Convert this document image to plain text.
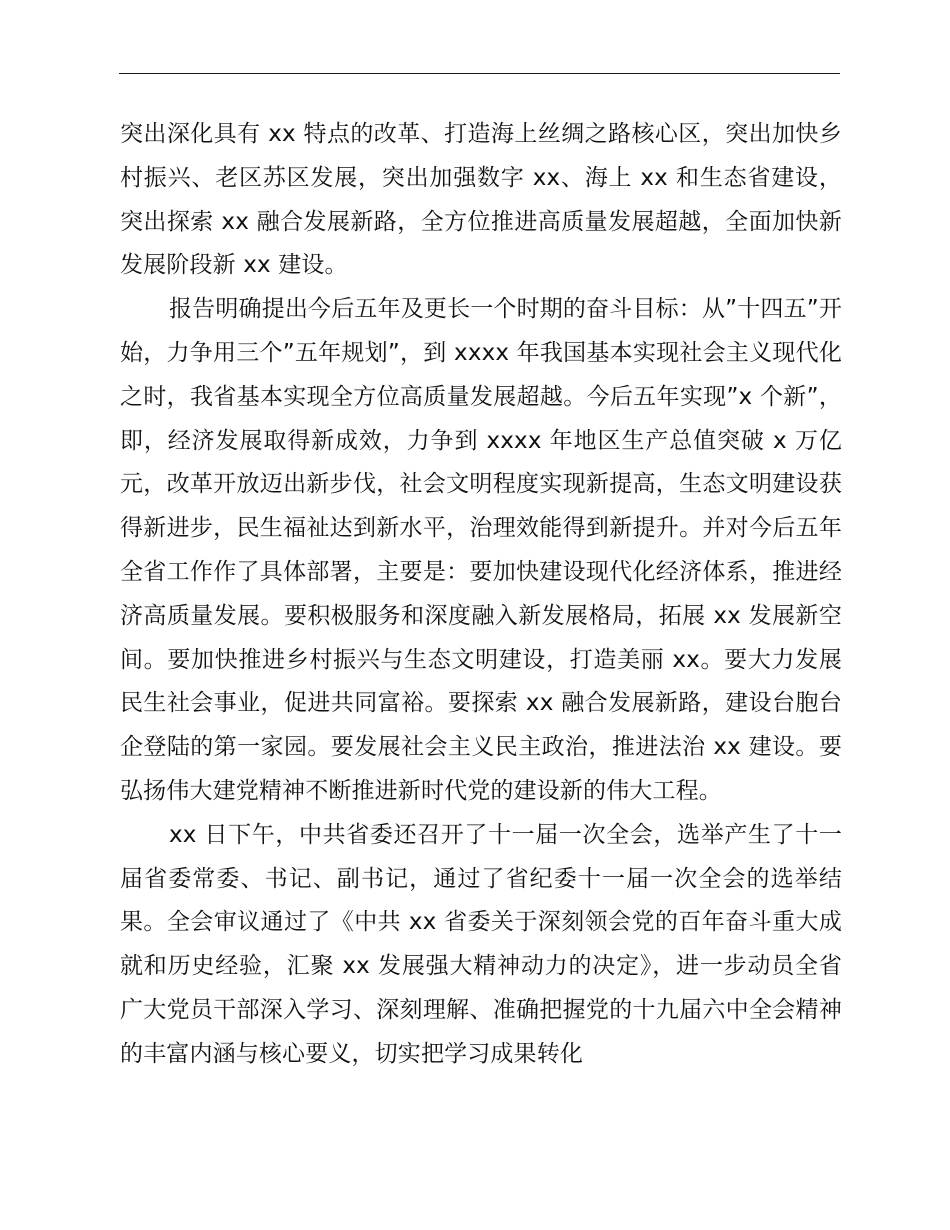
突出深化具有 xx 特点的改革、打造海上丝绸之路核心区，突出加快乡村振兴、老区苏区发展，突出加强数字 xx、海上 xx 和生态省建设，突出探索 xx 融合发展新路，全方位推进高质量发展超越，全面加快新发展阶段新 xx 建设。

报告明确提出今后五年及更长一个时期的奋斗目标：从”十四五”开始，力争用三个”五年规划”，到 xxxx 年我国基本实现社会主义现代化之时，我省基本实现全方位高质量发展超越。今后五年实现”x 个新”，即，经济发展取得新成效，力争到 xxxx 年地区生产总值突破 x 万亿元，改革开放迈出新步伐，社会文明程度实现新提高，生态文明建设获得新进步，民生福祉达到新水平，治理效能得到新提升。并对今后五年全省工作作了具体部署，主要是：要加快建设现代化经济体系，推进经济高质量发展。要积极服务和深度融入新发展格局，拓展 xx 发展新空间。要加快推进乡村振兴与生态文明建设，打造美丽 xx。要大力发展民生社会事业，促进共同富裕。要探索 xx 融合发展新路，建设台胞台企登陆的第一家园。要发展社会主义民主政治，推进法治 xx 建设。要弘扬伟大建党精神不断推进新时代党的建设新的伟大工程。

xx 日下午，中共省委还召开了十一届一次全会，选举产生了十一届省委常委、书记、副书记，通过了省纪委十一届一次全会的选举结果。全会审议通过了《中共 xx 省委关于深刻领会党的百年奋斗重大成就和历史经验，汇聚 xx 发展强大精神动力的决定》，进一步动员全省广大党员干部深入学习、深刻理解、准确把握党的十九届六中全会精神的丰富内涵与核心要义，切实把学习成果转化
